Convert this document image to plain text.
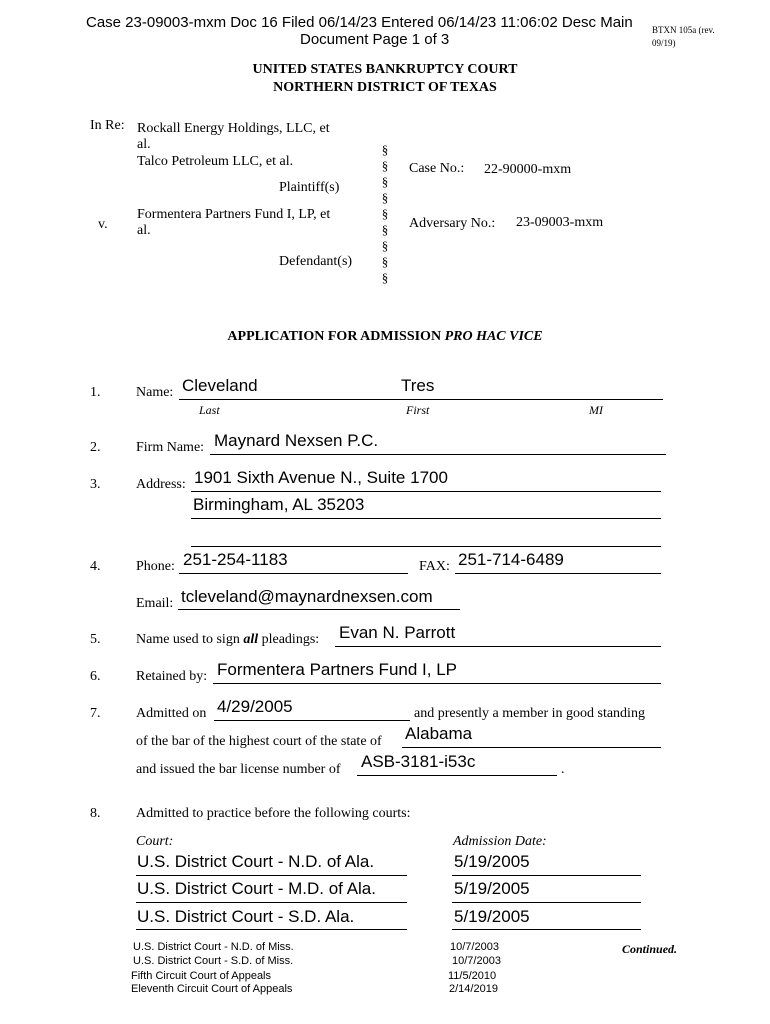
Case 23-09003-mxm Doc 16 Filed 06/14/23 Entered 06/14/23 11:06:02 Desc Main
Document Page 1 of 3
BTXN 105a (rev.
09/19)
UNITED STATES BANKRUPTCY COURT
NORTHERN DISTRICT OF TEXAS
In Re: Rockall Energy Holdings, LLC, et
al.
Talco Petroleum LLC, et al.
Plaintiff(s)
v.
Formentera Partners Fund I, LP, et
al.
Defendant(s)
§
§
§
§
§
§
§
§
§
Case No.: 22-90000-mxm
Adversary No.: 23-09003-mxm
APPLICATION FOR ADMISSION PRO HAC VICE
1.	Name: Cleveland	Tres
Last	First	MI
2.	Firm Name: Maynard Nexsen P.C.
3.	Address: 1901 Sixth Avenue N., Suite 1700
Birmingham, AL 35203
4.	Phone: 251-254-1183	FAX: 251-714-6489
Email: tcleveland@maynardnexsen.com
5.	Name used to sign all pleadings: Evan N. Parrott
6.	Retained by: Formentera Partners Fund I, LP
7.	Admitted on 4/29/2005	and presently a member in good standing
of the bar of the highest court of the state of Alabama
and issued the bar license number of ASB-3181-i53c	.
8.	Admitted to practice before the following courts:
Court:	Admission Date:
U.S. District Court - N.D. of Ala.	5/19/2005
U.S. District Court - M.D. of Ala.	5/19/2005
U.S. District Court - S.D. Ala.	5/19/2005
U.S. District Court - N.D. of Miss.	10/7/2003
U.S. District Court - S.D. of Miss.	10/7/2003
Fifth Circuit Court of Appeals	11/5/2010
Eleventh Circuit Court of Appeals	2/14/2019
Continued.
